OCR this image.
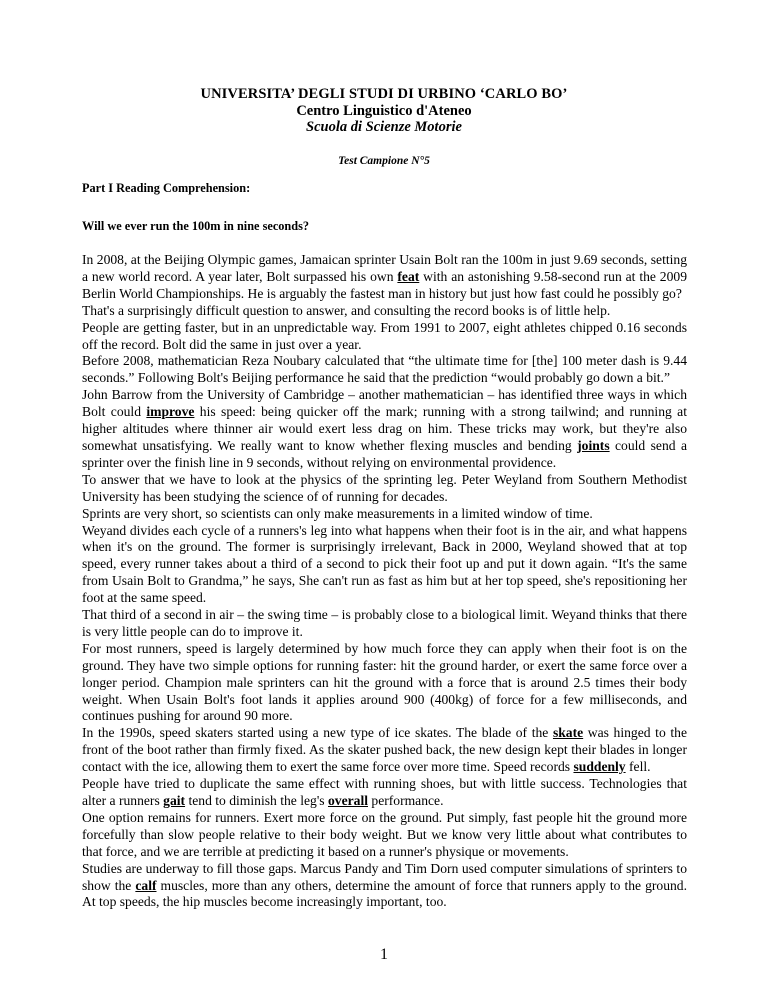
UNIVERSITA’ DEGLI STUDI DI URBINO ‘CARLO BO’
Centro Linguistico d'Ateneo
Scuola di Scienze Motorie
Test Campione N°5
Part I Reading Comprehension:
Will we ever run the 100m in nine seconds?

In 2008, at the Beijing Olympic games, Jamaican sprinter Usain Bolt ran the 100m in just 9.69 seconds, setting a new world record. A year later, Bolt surpassed his own feat with an astonishing 9.58-second run at the 2009 Berlin World Championships. He is arguably the fastest man in history but just how fast could he possibly go?

That's a surprisingly difficult question to answer, and consulting the record books is of little help.

People are getting faster, but in an unpredictable way. From 1991 to 2007, eight athletes chipped 0.16 seconds off the record. Bolt did the same in just over a year.

Before 2008, mathematician Reza Noubary calculated that “the ultimate time for [the] 100 meter dash is 9.44 seconds.” Following Bolt's Beijing performance he said that the prediction “would probably go down a bit.”

John Barrow from the University of Cambridge – another mathematician – has identified three ways in which Bolt could improve his speed: being quicker off the mark; running with a strong tailwind; and running at higher altitudes where thinner air would exert less drag on him. These tricks may work, but they're also somewhat unsatisfying. We really want to know whether flexing muscles and bending joints could send a sprinter over the finish line in 9 seconds, without relying on environmental providence.

To answer that we have to look at the physics of the sprinting leg. Peter Weyland from Southern Methodist University has been studying the science of of running for decades.

Sprints are very short, so scientists can only make measurements in a limited window of time.

Weyand divides each cycle of a runners's leg into what happens when their foot is in the air, and what happens when it's on the ground. The former is surprisingly irrelevant, Back in 2000, Weyland showed that at top speed, every runner takes about a third of a second to pick their foot up and put it down again. “It's the same from Usain Bolt to Grandma,” he says, She can't run as fast as him but at her top speed, she's repositioning her foot at the same speed.

That third of a second in air – the swing time – is probably close to a biological limit. Weyand thinks that there is very little people can do to improve it.

For most runners, speed is largely determined by how much force they can apply when their foot is on the ground. They have two simple options for running faster: hit the ground harder, or exert the same force over a longer period. Champion male sprinters can hit the ground with a force that is around 2.5 times their body weight. When Usain Bolt's foot lands it applies around 900 (400kg) of force for a few milliseconds, and continues pushing for around 90 more.

In the 1990s, speed skaters started using a new type of ice skates. The blade of the skate was hinged to the front of the boot rather than firmly fixed. As the skater pushed back, the new design kept their blades in longer contact with the ice, allowing them to exert the same force over more time. Speed records suddenly fell.

People have tried to duplicate the same effect with running shoes, but with little success. Technologies that alter a runners gait tend to diminish the leg's overall performance.

One option remains for runners. Exert more force on the ground. Put simply, fast people hit the ground more forcefully than slow people relative to their body weight. But we know very little about what contributes to that force, and we are terrible at predicting it based on a runner's physique or movements.

Studies are underway to fill those gaps. Marcus Pandy and Tim Dorn used computer simulations of sprinters to show the calf muscles, more than any others, determine the amount of force that runners apply to the ground. At top speeds, the hip muscles become increasingly important, too.

1
